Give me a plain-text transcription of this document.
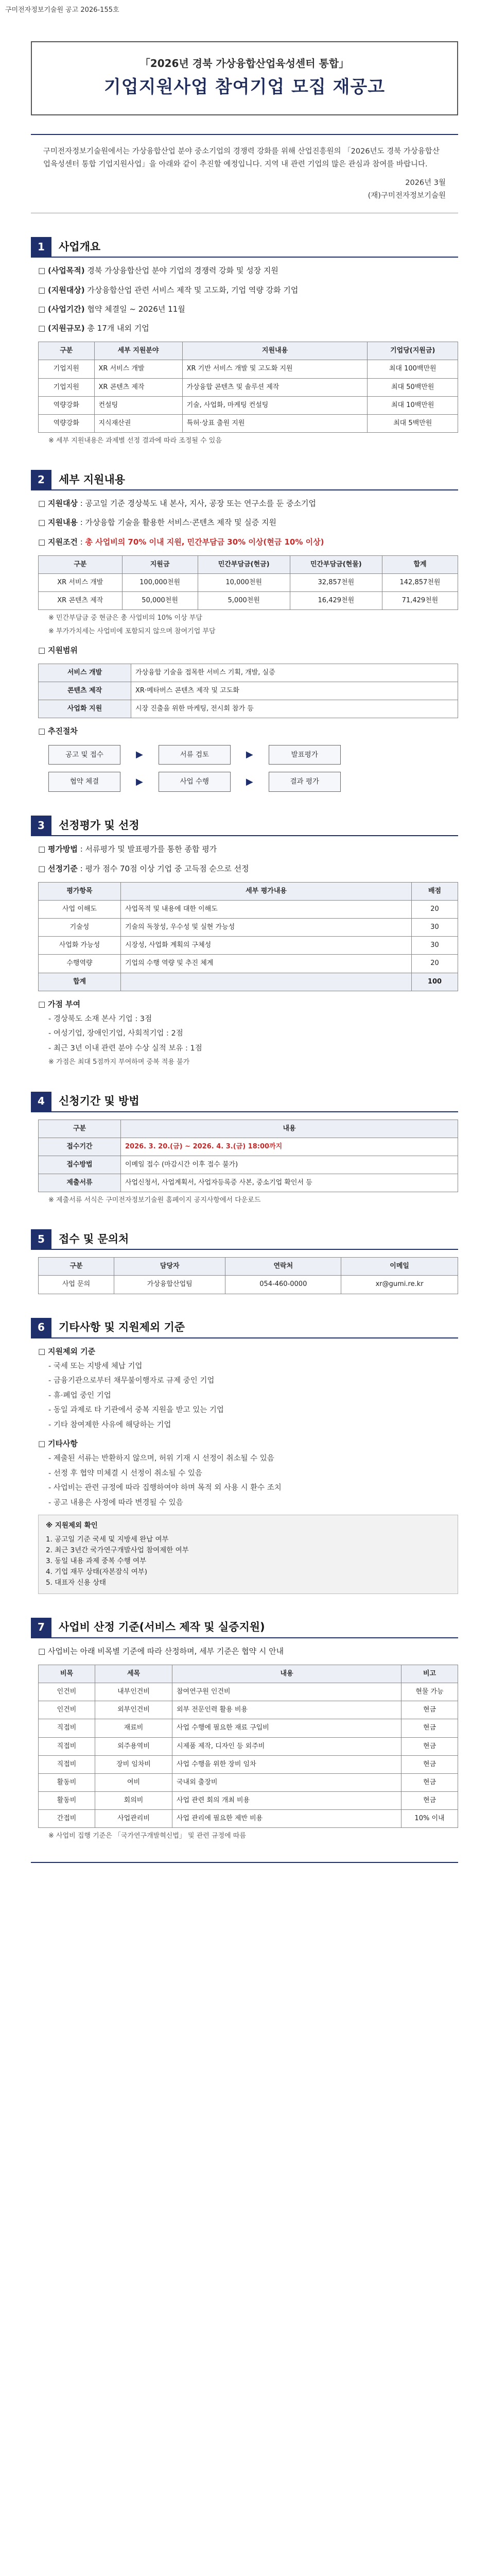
구미전자정보기술원 공고 2026-155호
「2026년 경북 가상융합산업육성센터 통합」
기업지원사업 참여기업 모집 재공고

구미전자정보기술원에서는 가상융합산업 분야 중소기업의 경쟁력 강화를 위해 산업진흥원의 「2026년도 경북 가상융합산업육성센터 통합 기업지원사업」을 아래와 같이 추진할 예정입니다. 지역 내 관련 기업의 많은 관심과 참여를 바랍니다.

2026년 3월

(재)구미전자정보기술원

1	사업개요
□ (사업목적) 경북 가상융합산업 분야 기업의 경쟁력 강화 및 성장 지원
□ (지원대상) 가상융합산업 관련 서비스 제작 및 고도화, 기업 역량 강화 기업
□ (사업기간) 협약 체결일 ~ 2026년 11월
□ (지원규모) 총 17개 내외 기업
구분	세부 지원분야	지원내용	기업당(지원금)
기업지원	XR 서비스 개발	XR 기반 서비스 개발 및 고도화 지원	최대 100백만원
기업지원	XR 콘텐츠 제작	가상융합 콘텐츠 및 솔루션 제작	최대 50백만원
역량강화	컨설팅	기술, 사업화, 마케팅 컨설팅	최대 10백만원
역량강화	지식재산권	특허·상표 출원 지원	최대 5백만원
※ 세부 지원내용은 과제별 선정 결과에 따라 조정될 수 있음
2	세부 지원내용
□ 지원대상 : 공고일 기준 경상북도 내 본사, 지사, 공장 또는 연구소를 둔 중소기업
□ 지원내용 : 가상융합 기술을 활용한 서비스·콘텐츠 제작 및 실증 지원
□ 지원조건 : 총 사업비의 70% 이내 지원, 민간부담금 30% 이상(현금 10% 이상)
구분	지원금	민간부담금(현금)	민간부담금(현물)	합계
XR 서비스 개발	100,000천원	10,000천원	32,857천원	142,857천원
XR 콘텐츠 제작	50,000천원	5,000천원	16,429천원	71,429천원
※ 민간부담금 중 현금은 총 사업비의 10% 이상 부담
※ 부가가치세는 사업비에 포함되지 않으며 참여기업 부담
□ 지원범위
서비스 개발	가상융합 기술을 접목한 서비스 기획, 개발, 실증
콘텐츠 제작	XR·메타버스 콘텐츠 제작 및 고도화
사업화 지원	시장 진출을 위한 마케팅, 전시회 참가 등
□ 추진절차
공고 및 접수	▶	서류 검토	▶	발표평가
협약 체결	▶	사업 수행	▶	결과 평가
3	선정평가 및 선정
□ 평가방법 : 서류평가 및 발표평가를 통한 종합 평가
□ 선정기준 : 평가 점수 70점 이상 기업 중 고득점 순으로 선정
평가항목	세부 평가내용	배점
사업 이해도	사업목적 및 내용에 대한 이해도	20
기술성	기술의 독창성, 우수성 및 실현 가능성	30
사업화 가능성	시장성, 사업화 계획의 구체성	30
수행역량	기업의 수행 역량 및 추진 체계	20
합계		100
□ 가점 부여
- 경상북도 소재 본사 기업 : 3점
- 여성기업, 장애인기업, 사회적기업 : 2점
- 최근 3년 이내 관련 분야 수상 실적 보유 : 1점
※ 가점은 최대 5점까지 부여하며 중복 적용 불가
4	신청기간 및 방법
구분	내용
접수기간	2026. 3. 20.(금) ~ 2026. 4. 3.(금) 18:00까지
접수방법	이메일 접수 (마감시간 이후 접수 불가)
제출서류	사업신청서, 사업계획서, 사업자등록증 사본, 중소기업 확인서 등
※ 제출서류 서식은 구미전자정보기술원 홈페이지 공지사항에서 다운로드
5	접수 및 문의처
구분	담당자	연락처	이메일
사업 문의	가상융합산업팀	054-460-0000	xr@gumi.re.kr
6	기타사항 및 지원제외 기준
□ 지원제외 기준
- 국세 또는 지방세 체납 기업
- 금융기관으로부터 채무불이행자로 규제 중인 기업
- 휴·폐업 중인 기업
- 동일 과제로 타 기관에서 중복 지원을 받고 있는 기업
- 기타 참여제한 사유에 해당하는 기업
□ 기타사항
- 제출된 서류는 반환하지 않으며, 허위 기재 시 선정이 취소될 수 있음
- 선정 후 협약 미체결 시 선정이 취소될 수 있음
- 사업비는 관련 규정에 따라 집행하여야 하며 목적 외 사용 시 환수 조치
- 공고 내용은 사정에 따라 변경될 수 있음
※ 지원제외 확인
1. 공고일 기준 국세 및 지방세 완납 여부
2. 최근 3년간 국가연구개발사업 참여제한 여부
3. 동일 내용 과제 중복 수행 여부
4. 기업 재무 상태(자본잠식 여부)
5. 대표자 신용 상태
7	사업비 산정 기준(서비스 제작 및 실증지원)
□ 사업비는 아래 비목별 기준에 따라 산정하며, 세부 기준은 협약 시 안내
비목	세목	내용	비고
인건비	내부인건비	참여연구원 인건비	현물 가능
인건비	외부인건비	외부 전문인력 활용 비용	현금
직접비	재료비	사업 수행에 필요한 재료 구입비	현금
직접비	외주용역비	시제품 제작, 디자인 등 외주비	현금
직접비	장비 임차비	사업 수행을 위한 장비 임차	현금
활동비	여비	국내외 출장비	현금
활동비	회의비	사업 관련 회의 개최 비용	현금
간접비	사업관리비	사업 관리에 필요한 제반 비용	10% 이내
※ 사업비 집행 기준은 「국가연구개발혁신법」 및 관련 규정에 따름
